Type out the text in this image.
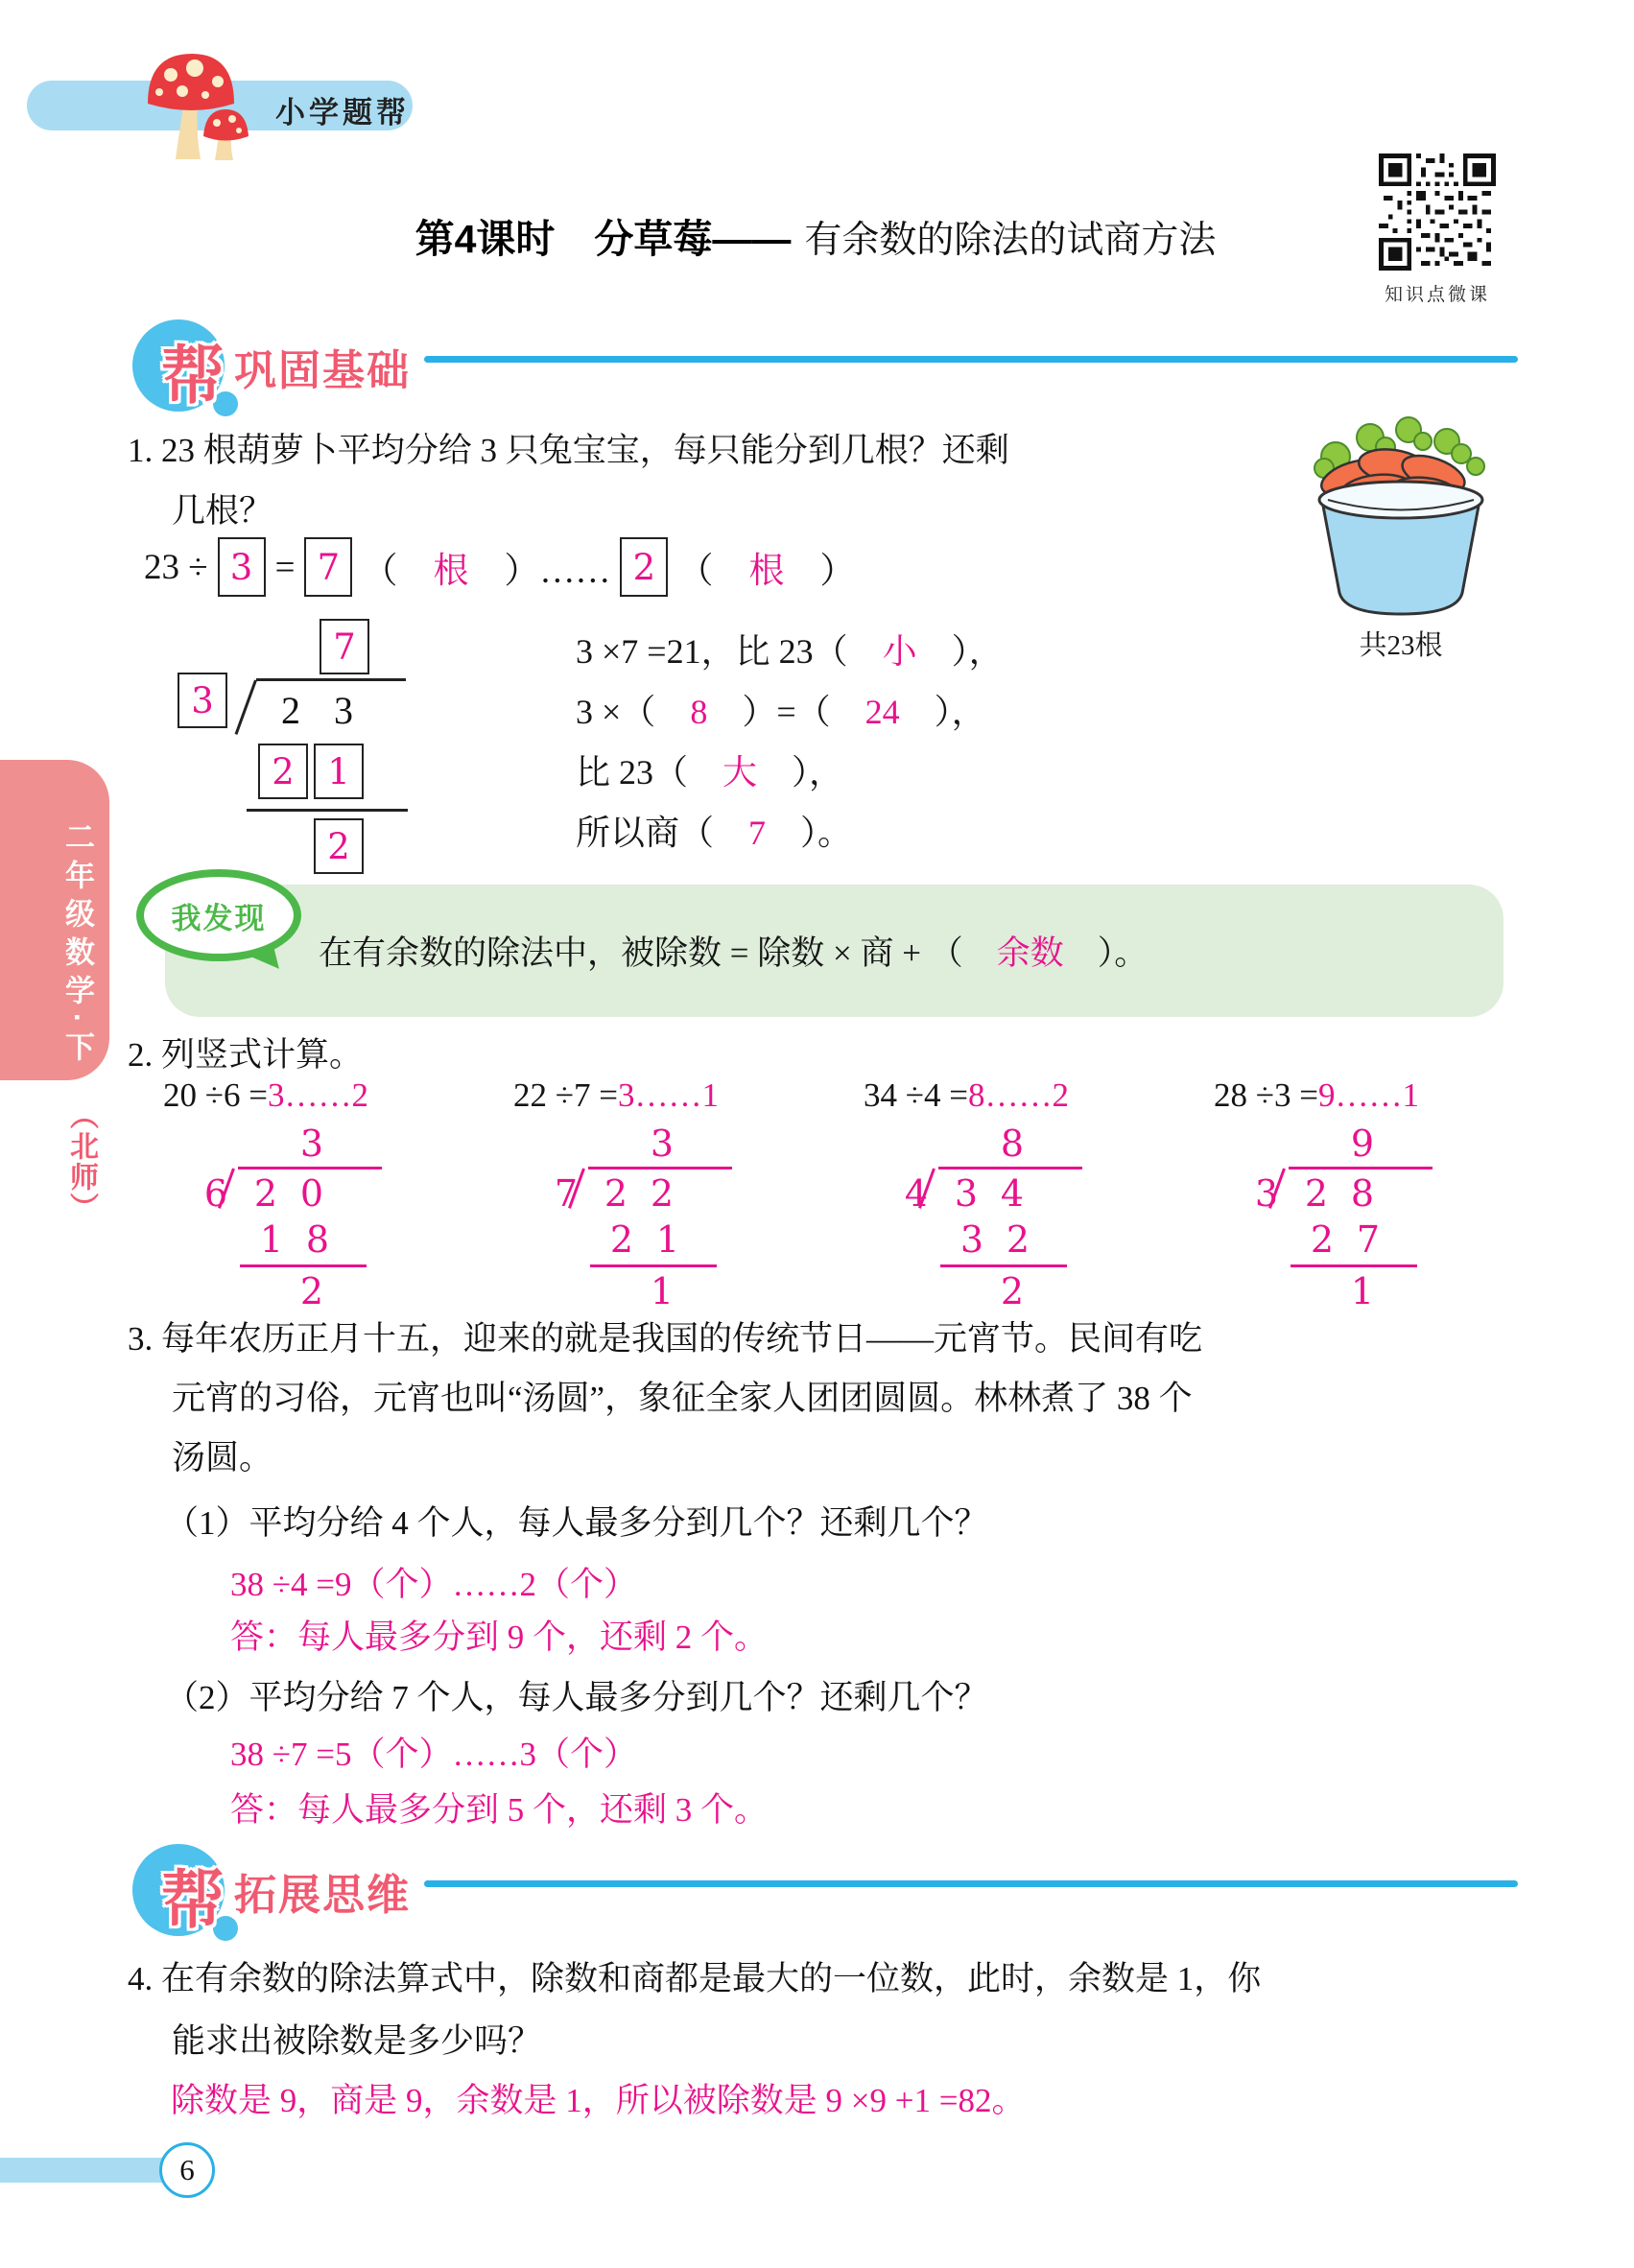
小学题帮
第4课时　分草莓—— 有余数的除法的试商方法
知识点微课
帮 巩固基础
1. 23 根葫萝卜平均分给 3 只兔宝宝，每只能分到几根？还剩
几根？
共23根
23 ÷ 3 = 7 （　 根 　）…… 2 （　 根 　）
7
3	2 3
2 1
2
3 ×7 =21，比 23（　小　），
3 ×（　8　）=（　24　），
比 23（　大　），
所以商（　7　）。
我发现
在有余数的除法中，被除数 = 除数 × 商 + （　余数　）。
2. 列竖式计算。
20 ÷6 =3……2
3
6 2 0
1 8
2
22 ÷7 =3……1
3
7 2 2
2 1
1
34 ÷4 =8……2
8
4 3 4
3 2
2
28 ÷3 =9……1
9
3 2 8
2 7
1
3. 每年农历正月十五，迎来的就是我国的传统节日——元宵节。民间有吃
元宵的习俗，元宵也叫“汤圆”，象征全家人团团圆圆。林林煮了 38 个
汤圆。
（1）平均分给 4 个人，每人最多分到几个？还剩几个？
38 ÷4 =9（个）……2（个）
答：每人最多分到 9 个，还剩 2 个。
（2）平均分给 7 个人，每人最多分到几个？还剩几个？
38 ÷7 =5（个）……3（个）
答：每人最多分到 5 个，还剩 3 个。
帮 拓展思维
4. 在有余数的除法算式中，除数和商都是最大的一位数，此时，余数是 1，你
能求出被除数是多少吗？
除数是 9，商是 9，余数是 1，所以被除数是 9 ×9 +1 =82。
二年级数学·下
（北师）
6
